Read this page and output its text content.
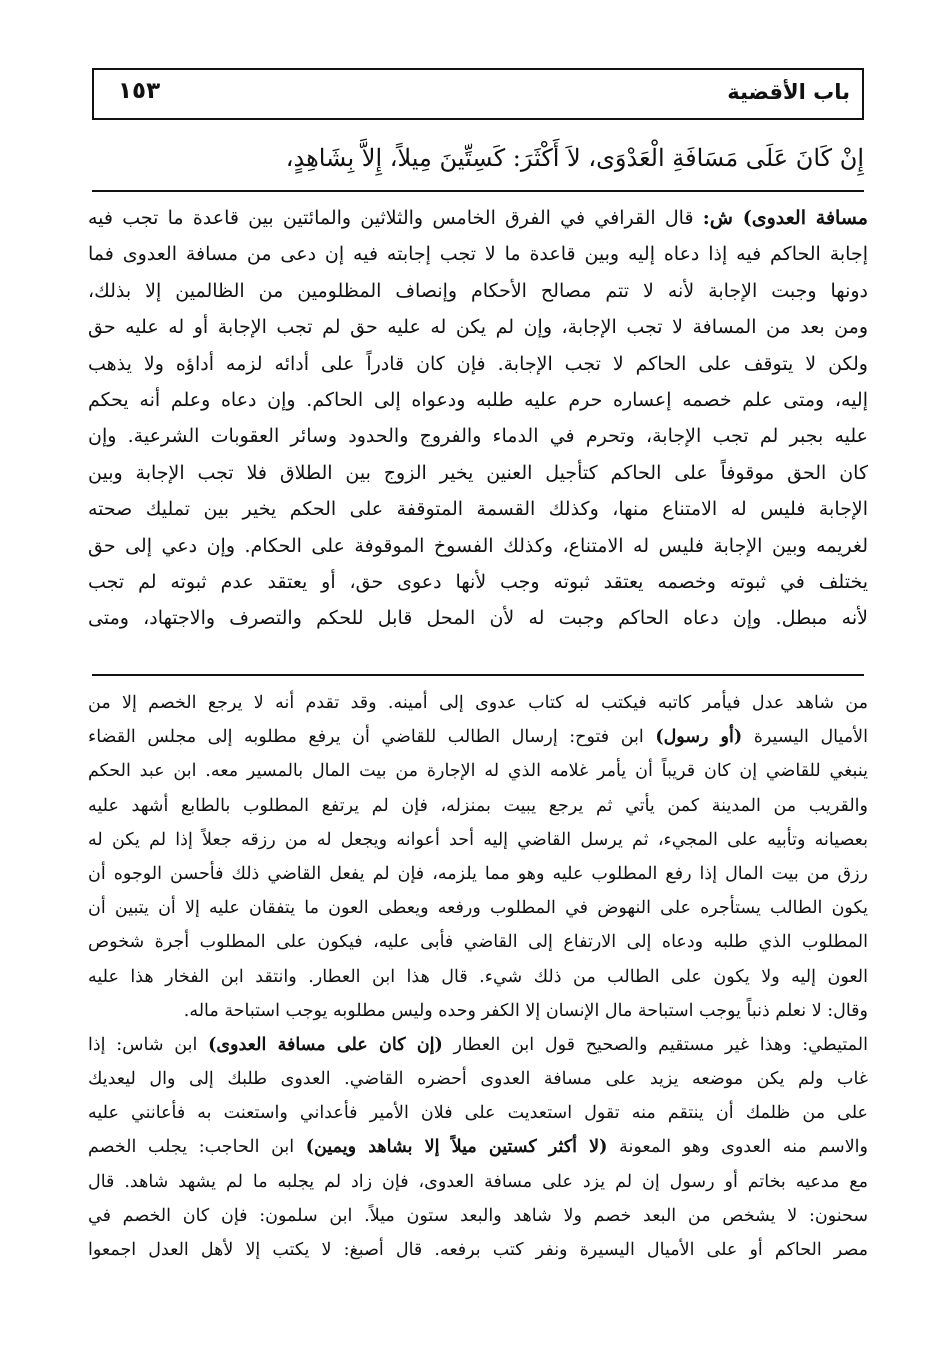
باب الأقضية
١٥٣
إِنْ كَانَ عَلَى مَسَافَةِ الْعَدْوَى، لاَ أَكْثَرَ: كَسِتِّينَ مِيلاً، إِلاَّ بِشَاهِدٍ،
مسافة العدوى) ش: قال القرافي في الفرق الخامس والثلاثين والمائتين بين قاعدة ما تجب فيه
إجابة الحاكم فيه إذا دعاه إليه وبين قاعدة ما لا تجب إجابته فيه إن دعى من مسافة العدوى فما
دونها وجبت الإجابة لأنه لا تتم مصالح الأحكام وإنصاف المظلومين من الظالمين إلا بذلك،
ومن بعد من المسافة لا تجب الإجابة، وإن لم يكن له عليه حق لم تجب الإجابة أو له عليه حق
ولكن لا يتوقف على الحاكم لا تجب الإجابة. فإن كان قادراً على أدائه لزمه أداؤه ولا يذهب
إليه، ومتى علم خصمه إعساره حرم عليه طلبه ودعواه إلى الحاكم. وإن دعاه وعلم أنه يحكم
عليه بجبر لم تجب الإجابة، وتحرم في الدماء والفروج والحدود وسائر العقوبات الشرعية. وإن
كان الحق موقوفاً على الحاكم كتأجيل العنين يخير الزوج بين الطلاق فلا تجب الإجابة وبين
الإجابة فليس له الامتناع منها، وكذلك القسمة المتوقفة على الحكم يخير بين تمليك صحته
لغريمه وبين الإجابة فليس له الامتناع، وكذلك الفسوخ الموقوفة على الحكام. وإن دعي إلى حق
يختلف في ثبوته وخصمه يعتقد ثبوته وجب لأنها دعوى حق، أو يعتقد عدم ثبوته لم تجب
لأنه مبطل. وإن دعاه الحاكم وجبت له لأن المحل قابل للحكم والتصرف والاجتهاد، ومتى
من شاهد عدل فيأمر كاتبه فيكتب له كتاب عدوى إلى أمينه. وقد تقدم أنه لا يرجع الخصم إلا من
الأميال اليسيرة (أو رسول) ابن فتوح: إرسال الطالب للقاضي أن يرفع مطلوبه إلى مجلس القضاء
ينبغي للقاضي إن كان قريباً أن يأمر غلامه الذي له الإجارة من بيت المال بالمسير معه. ابن عبد الحكم
والقريب من المدينة كمن يأتي ثم يرجع يبيت بمنزله، فإن لم يرتفع المطلوب بالطابع أشهد عليه
بعصيانه وتأبيه على المجيء، ثم يرسل القاضي إليه أحد أعوانه ويجعل له من رزقه جعلاً إذا لم يكن له
رزق من بيت المال إذا رفع المطلوب عليه وهو مما يلزمه، فإن لم يفعل القاضي ذلك فأحسن الوجوه أن
يكون الطالب يستأجره على النهوض في المطلوب ورفعه ويعطى العون ما يتفقان عليه إلا أن يتبين أن
المطلوب الذي طلبه ودعاه إلى الارتفاع إلى القاضي فأبى عليه، فيكون على المطلوب أجرة شخوص
العون إليه ولا يكون على الطالب من ذلك شيء. قال هذا ابن العطار. وانتقد ابن الفخار هذا عليه
وقال: لا نعلم ذنباً يوجب استباحة مال الإنسان إلا الكفر وحده وليس مطلوبه يوجب استباحة ماله.
المتيطي: وهذا غير مستقيم والصحيح قول ابن العطار (إن كان على مسافة العدوى) ابن شاس: إذا
غاب ولم يكن موضعه يزيد على مسافة العدوى أحضره القاضي. العدوى طلبك إلى وال ليعديك
على من ظلمك أن ينتقم منه تقول استعديت على فلان الأمير فأعداني واستعنت به فأعانني عليه
والاسم منه العدوى وهو المعونة (لا أكثر كستين ميلاً إلا بشاهد ويمين) ابن الحاجب: يجلب الخصم
مع مدعيه بخاتم أو رسول إن لم يزد على مسافة العدوى، فإن زاد لم يجلبه ما لم يشهد شاهد. قال
سحنون: لا يشخص من البعد خصم ولا شاهد والبعد ستون ميلاً. ابن سلمون: فإن كان الخصم في
مصر الحاكم أو على الأميال اليسيرة ونفر كتب برفعه. قال أصبغ: لا يكتب إلا لأهل العدل اجمعوا
